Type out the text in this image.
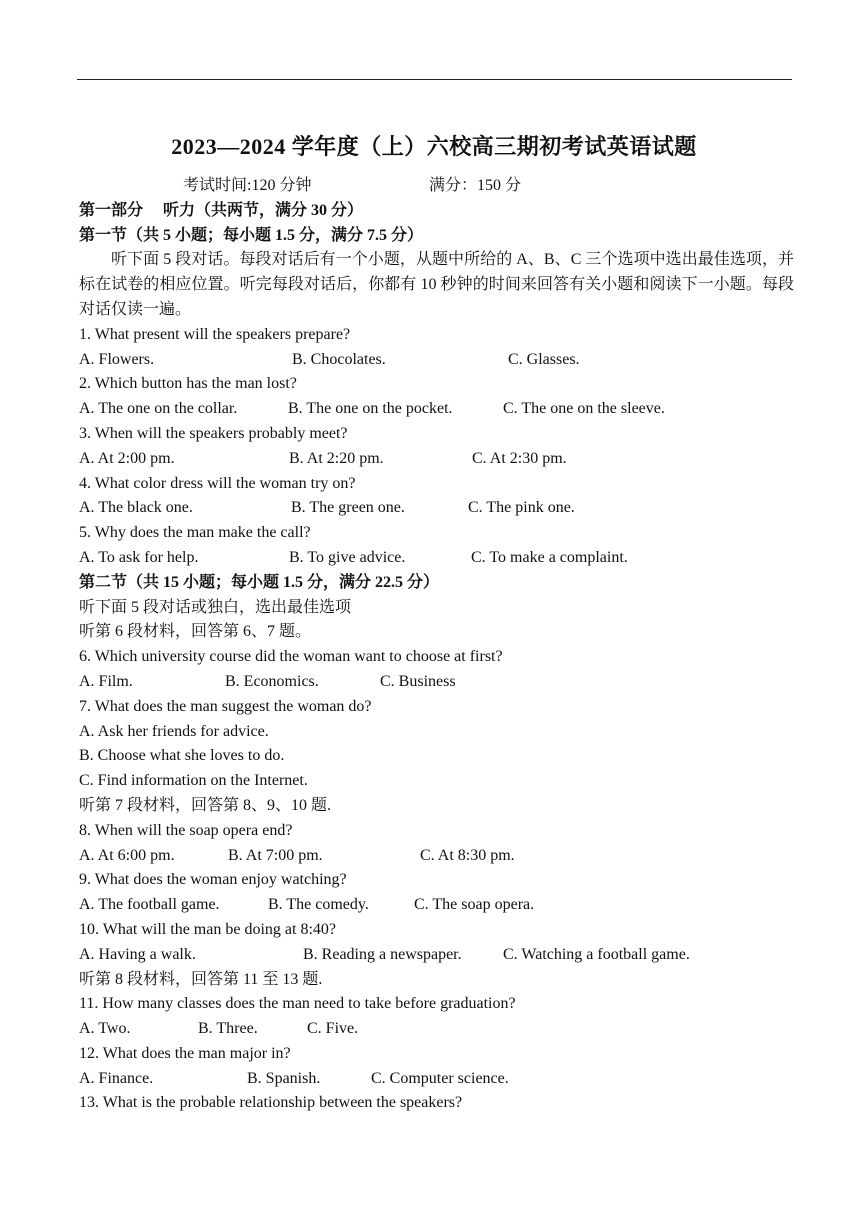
2023—2024 学年度（上）六校高三期初考试英语试题
考试时间:120 分钟	满分：150 分
第一部分　 听力（共两节，满分 30 分）
第一节（共 5 小题；每小题 1.5 分，满分 7.5 分）
听下面 5 段对话。每段对话后有一个小题，从题中所给的 A、B、C 三个选项中选出最佳选项，并标在试卷的相应位置。听完每段对话后，你都有 10 秒钟的时间来回答有关小题和阅读下一小题。每段对话仅读一遍。
1. What present will the speakers prepare?
A. Flowers.	B. Chocolates.	C. Glasses.
2. Which button has the man lost?
A. The one on the collar.	B. The one on the pocket.	C. The one on the sleeve.
3. When will the speakers probably meet?
A. At 2:00 pm.	B. At 2:20 pm.	C. At 2:30 pm.
4. What color dress will the woman try on?
A. The black one.	B. The green one.	C. The pink one.
5. Why does the man make the call?
A. To ask for help.	B. To give advice.	C. To make a complaint.
第二节（共 15 小题；每小题 1.5 分，满分 22.5 分）
听下面 5 段对话或独白，选出最佳选项
听第 6 段材料，回答第 6、7 题。
6. Which university course did the woman want to choose at first?
A. Film.	B. Economics.	C. Business
7. What does the man suggest the woman do?
A. Ask her friends for advice.
B. Choose what she loves to do.
C. Find information on the Internet.
听第 7 段材料，回答第 8、9、10 题.
8. When will the soap opera end?
A. At 6:00 pm.	B. At 7:00 pm.	C. At 8:30 pm.
9. What does the woman enjoy watching?
A. The football game.	B. The comedy.	C. The soap opera.
10. What will the man be doing at 8:40?
A. Having a walk.	B. Reading a newspaper.	C. Watching a football game.
听第 8 段材料，回答第 11 至 13 题.
11. How many classes does the man need to take before graduation?
A. Two.	B. Three.	C. Five.
12. What does the man major in?
A. Finance.	B. Spanish.	C. Computer science.
13. What is the probable relationship between the speakers?
